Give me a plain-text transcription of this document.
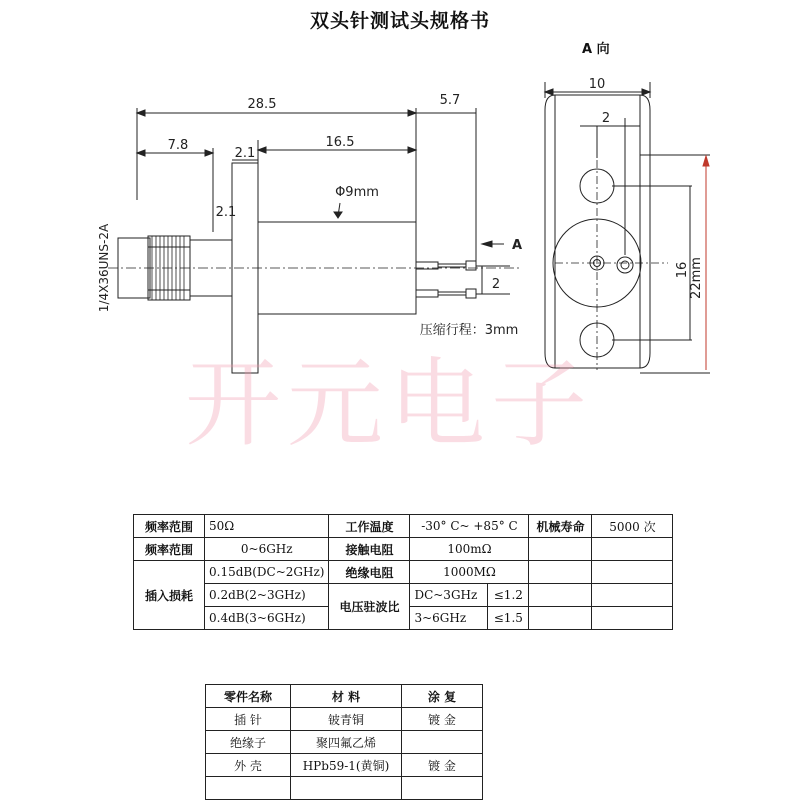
双头针测试头规格书
A 向
28.5	5.7
7.8
2.1
16.5
2.1
Φ9mm
1/4X36UNS-2A	2
压缩行程：3mm
A
10
2
16 22mm
开元电子
频率范围	50Ω	工作温度	-30° C~ +85° C		机械寿命	5000 次
频率范围	0~6GHz	接触电阻	100mΩ			
插入损耗	0.15dB(DC~2GHz)	绝缘电阻	1000MΩ			
	0.2dB(2~3GHz)	电压驻波比	DC~3GHz	≤1.2		
	0.4dB(3~6GHz)		3~6GHz	≤1.5		
零件名称	材 料	涂 复
插 针	铍青铜	镀 金
绝缘子	聚四氟乙烯	
外 壳	HPb59-1(黄铜)	镀 金
